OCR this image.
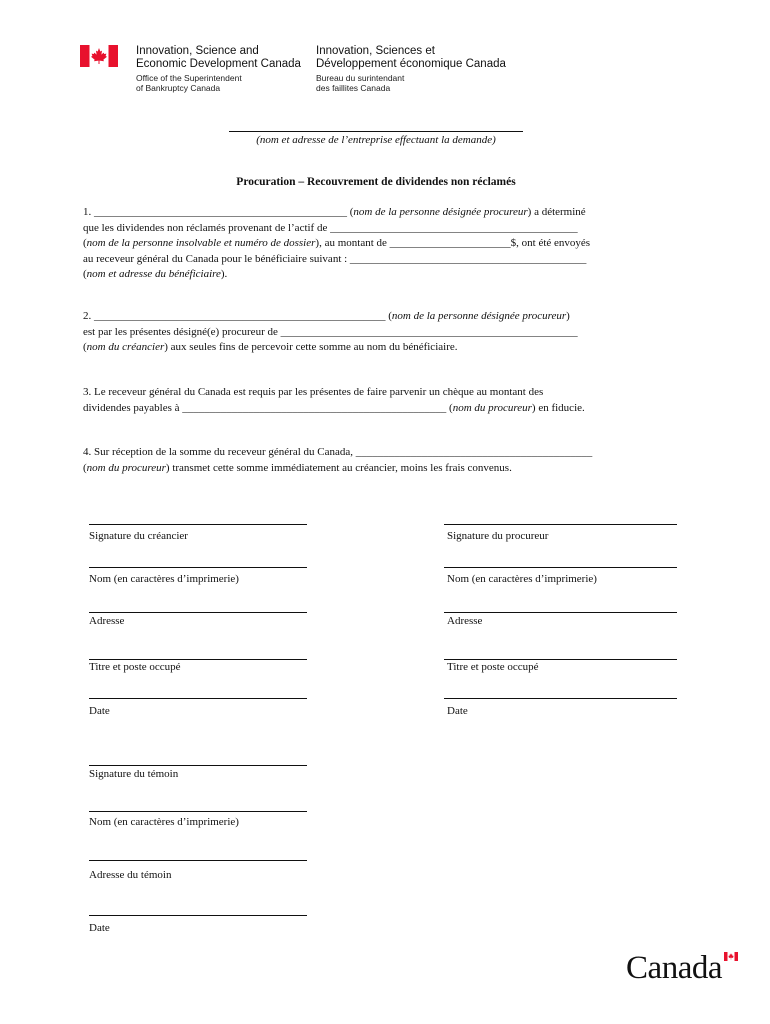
Innovation, Science and
Economic Development Canada
Office of the Superintendent
of Bankruptcy Canada
Innovation, Sciences et
Développement économique Canada
Bureau du surintendant
des faillites Canada
(nom et adresse de l’entreprise effectuant la demande)
Procuration – Recouvrement de dividendes non réclamés
1. ______________________________________________ (nom de la personne désignée procureur) a déterminé
que les dividendes non réclamés provenant de l’actif de _____________________________________________
(nom de la personne insolvable et numéro de dossier), au montant de ______________________$, ont été envoyés
au receveur général du Canada pour le bénéficiaire suivant : ___________________________________________
(nom et adresse du bénéficiaire).
2. _____________________________________________________ (nom de la personne désignée procureur)
est par les présentes désigné(e) procureur de ______________________________________________________
(nom du créancier) aux seules fins de percevoir cette somme au nom du bénéficiaire.
3. Le receveur général du Canada est requis par les présentes de faire parvenir un chèque au montant des
dividendes payables à ________________________________________________ (nom du procureur) en fiducie.
4. Sur réception de la somme du receveur général du Canada, ___________________________________________
(nom du procureur) transmet cette somme immédiatement au créancier, moins les frais convenus.
Signature du créancier
Nom (en caractères d’imprimerie)
Adresse
Titre et poste occupé
Date
Signature du procureur
Nom (en caractères d’imprimerie)
Adresse
Titre et poste occupé
Date
Signature du témoin
Nom (en caractères d’imprimerie)
Adresse du témoin
Date
Canada
